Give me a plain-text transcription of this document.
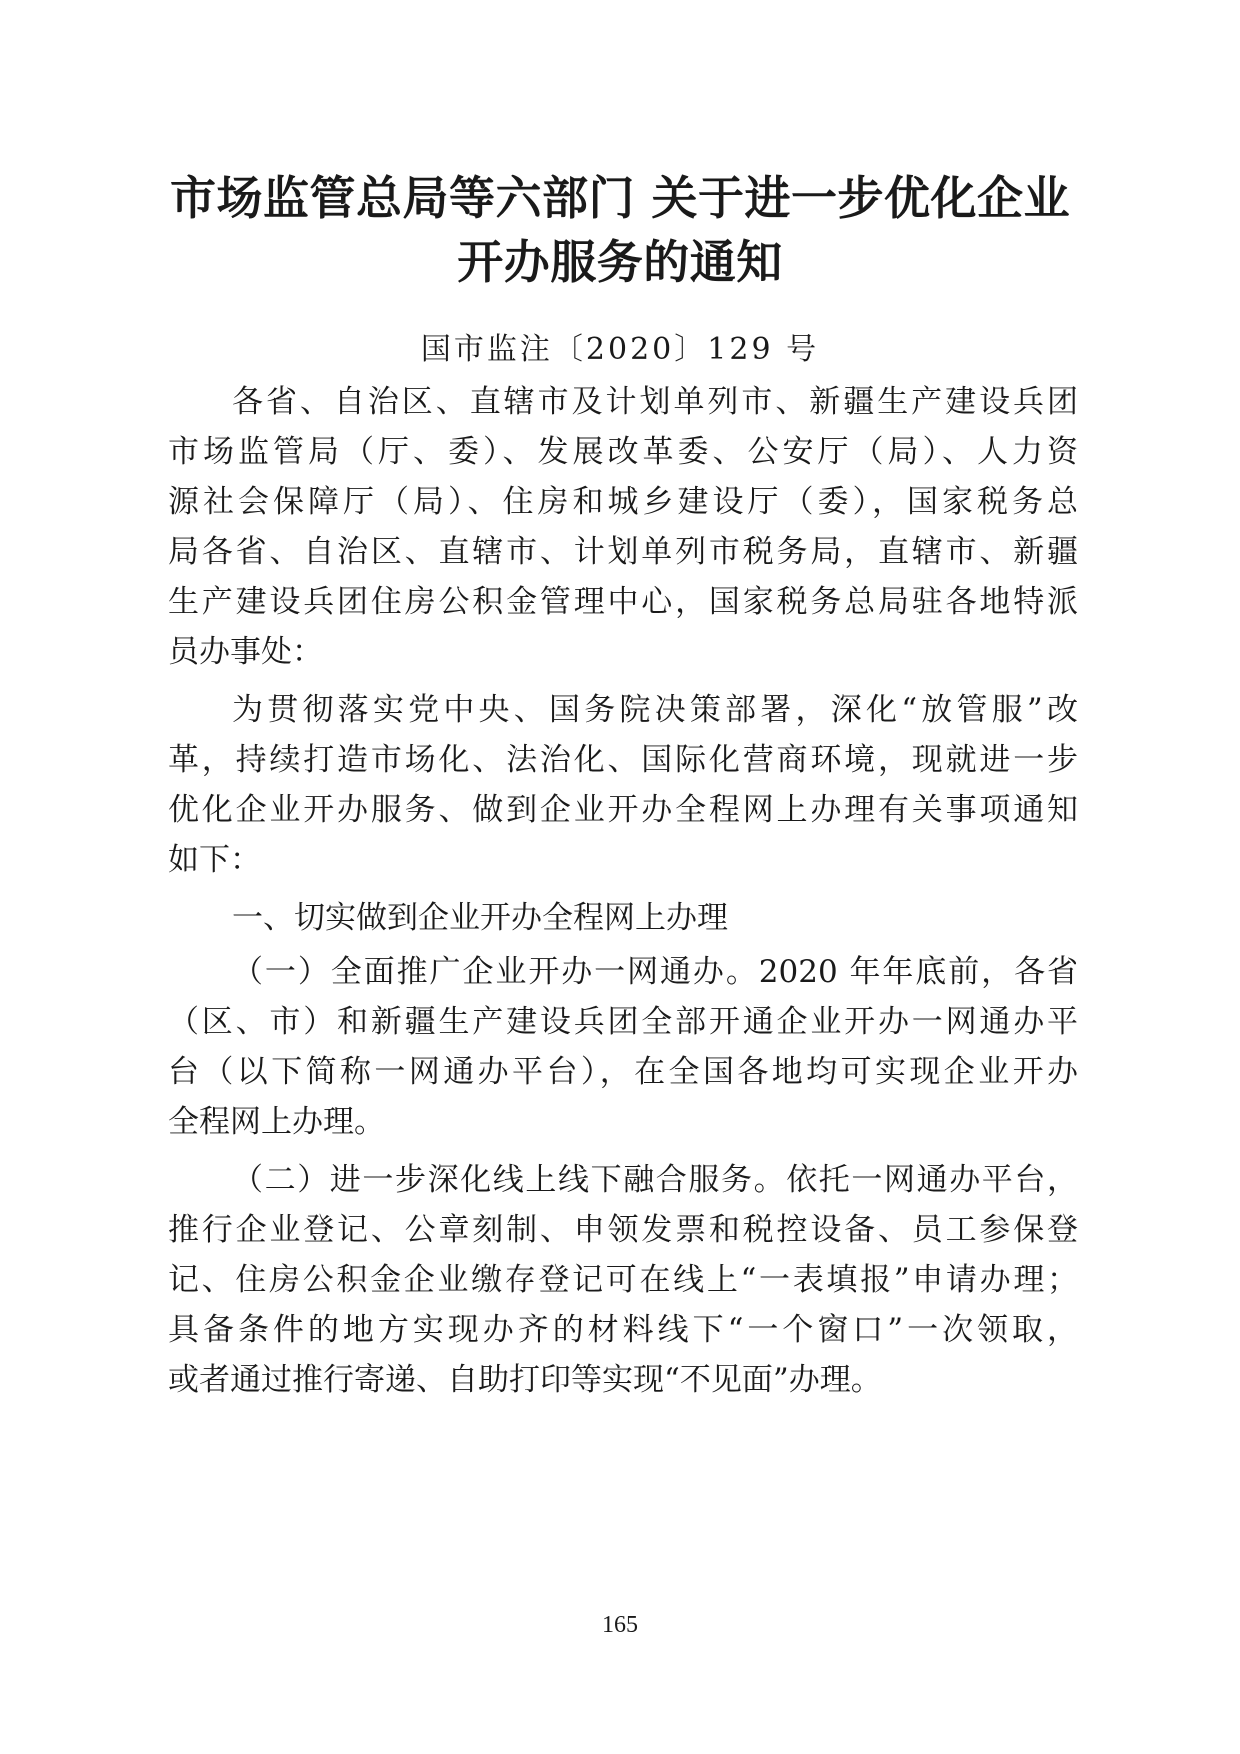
市场监管总局等六部门 关于进一步优化企业
开办服务的通知
国市监注〔2020〕129 号
各省、自治区、直辖市及计划单列市、新疆生产建设兵团
市场监管局（厅、委）、发展改革委、公安厅（局）、人力资
源社会保障厅（局）、住房和城乡建设厅（委），国家税务总
局各省、自治区、直辖市、计划单列市税务局，直辖市、新疆
生产建设兵团住房公积金管理中心，国家税务总局驻各地特派
员办事处：
为贯彻落实党中央、国务院决策部署，深化“放管服”改
革，持续打造市场化、法治化、国际化营商环境，现就进一步
优化企业开办服务、做到企业开办全程网上办理有关事项通知
如下：
一、切实做到企业开办全程网上办理
（一）全面推广企业开办一网通办。2020 年年底前，各省
（区、市）和新疆生产建设兵团全部开通企业开办一网通办平
台（以下简称一网通办平台），在全国各地均可实现企业开办
全程网上办理。
（二）进一步深化线上线下融合服务。依托一网通办平台，
推行企业登记、公章刻制、申领发票和税控设备、员工参保登
记、住房公积金企业缴存登记可在线上“一表填报”申请办理；
具备条件的地方实现办齐的材料线下“一个窗口”一次领取，
或者通过推行寄递、自助打印等实现“不见面”办理。
165
